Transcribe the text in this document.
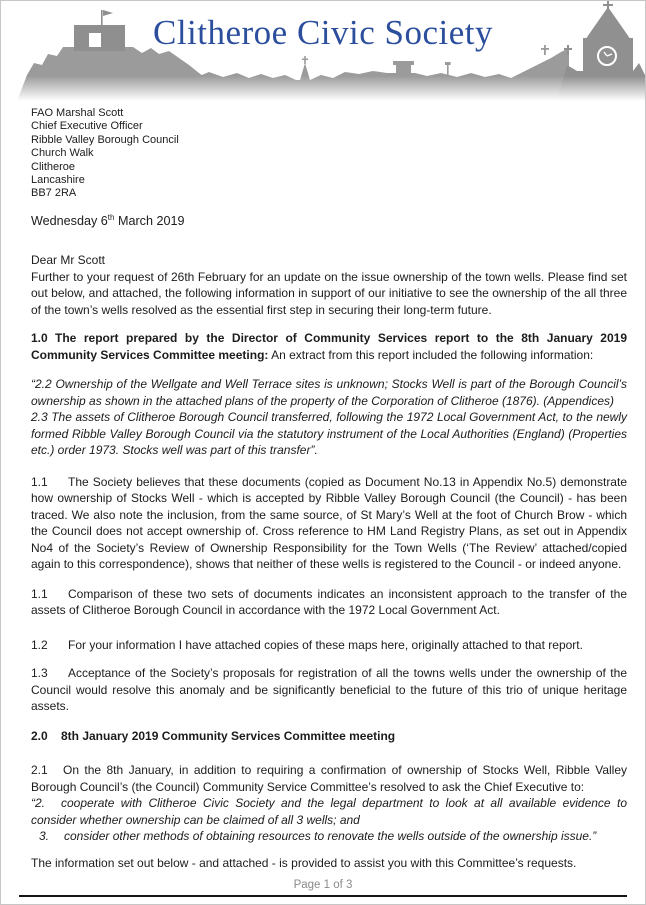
Clitheroe Civic Society
FAO Marshal Scott
Chief Executive Officer
Ribble Valley Borough Council
Church Walk
Clitheroe
Lancashire
BB7 2RA

Wednesday 6th March 2019

Dear Mr Scott

Further to your request of 26th February for an update on the issue ownership of the town wells. Please find set out below, and attached, the following information in support of our initiative to see the ownership of the all three of the town’s wells resolved as the essential first step in securing their long-term future.

1.0 The report prepared by the Director of Community Services report to the 8th January 2019 Community Services Committee meeting: An extract from this report included the following information:

“2.2 Ownership of the Wellgate and Well Terrace sites is unknown; Stocks Well is part of the Borough Council’s ownership as shown in the attached plans of the property of the Corporation of Clitheroe (1876). (Appendices)

2.3 The assets of Clitheroe Borough Council transferred, following the 1972 Local Government Act, to the newly formed Ribble Valley Borough Council via the statutory instrument of the Local Authorities (England) (Properties etc.) order 1973. Stocks well was part of this transfer”.

1.1 The Society believes that these documents (copied as Document No.13 in Appendix No.5) demonstrate how ownership of Stocks Well - which is accepted by Ribble Valley Borough Council (the Council) - has been traced. We also note the inclusion, from the same source, of St Mary’s Well at the foot of Church Brow - which the Council does not accept ownership of. Cross reference to HM Land Registry Plans, as set out in Appendix No4 of the Society’s Review of Ownership Responsibility for the Town Wells (‘The Review’ attached/copied again to this correspondence), shows that neither of these wells is registered to the Council - or indeed anyone.

1.1 Comparison of these two sets of documents indicates an inconsistent approach to the transfer of the assets of Clitheroe Borough Council in accordance with the 1972 Local Government Act.

1.2 For your information I have attached copies of these maps here, originally attached to that report.

1.3 Acceptance of the Society’s proposals for registration of all the towns wells under the ownership of the Council would resolve this anomaly and be significantly beneficial to the future of this trio of unique heritage assets.

2.0 8th January 2019 Community Services Committee meeting

2.1 On the 8th January, in addition to requiring a confirmation of ownership of Stocks Well, Ribble Valley Borough Council’s (the Council) Community Service Committee’s resolved to ask the Chief Executive to:

“2. cooperate with Clitheroe Civic Society and the legal department to look at all available evidence to consider whether ownership can be claimed of all 3 wells; and

3. consider other methods of obtaining resources to renovate the wells outside of the ownership issue.”

The information set out below - and attached - is provided to assist you with this Committee’s requests.

Page 1 of 3
